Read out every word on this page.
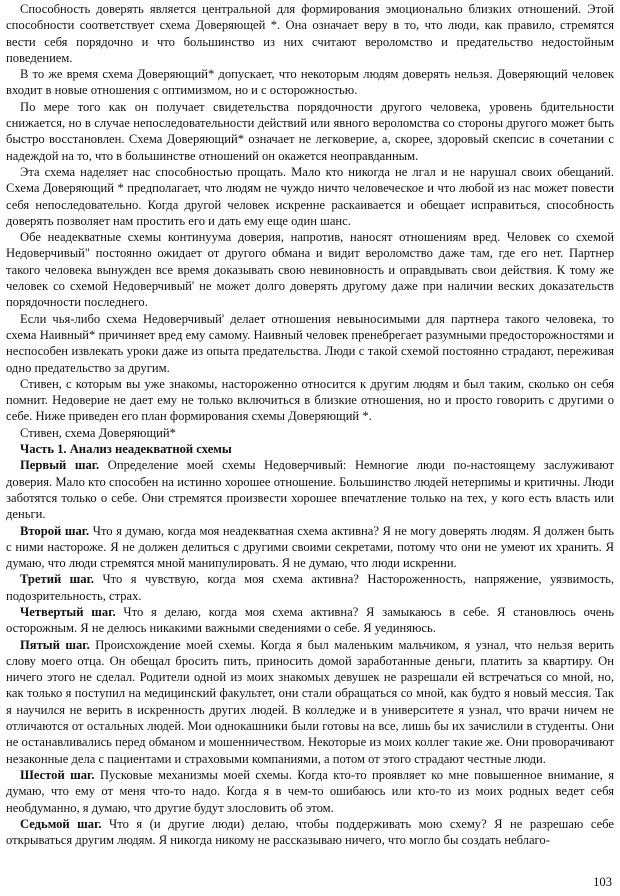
Способность доверять является центральной для формирования эмоционально близких отношений. Этой способности соответствует схема Доверяющей *. Она означает веру в то, что люди, как правило, стремятся вести себя порядочно и что большинство из них считают вероломство и предательство недостойным поведением.

В то же время схема Доверяющий* допускает, что некоторым людям доверять нельзя. Доверяющий человек входит в новые отношения с оптимизмом, но и с осторожностью.

По мере того как он получает свидетельства порядочности другого человека, уровень бдительности снижается, но в случае непоследовательности действий или явного вероломства со стороны другого может быть быстро восстановлен. Схема Доверяющий* означает не легковерие, а, скорее, здоровый скепсис в сочетании с надеждой на то, что в большинстве отношений он окажется неоправданным.

Эта схема наделяет нас способностью прощать. Мало кто никогда не лгал и не нарушал своих обещаний. Схема Доверяющий * предполагает, что людям не чуждо ничто человеческое и что любой из нас может повести себя непоследовательно. Когда другой человек искренне раскаивается и обещает исправиться, способность доверять позволяет нам простить его и дать ему еще один шанс.

Обе неадекватные схемы континуума доверия, напротив, наносят отношениям вред. Человек со схемой Недоверчивый" постоянно ожидает от другого обмана и видит вероломство даже там, где его нет. Партнер такого человека вынужден все время доказывать свою невиновность и оправдывать свои действия. К тому же человек со схемой Недоверчивый' не может долго доверять другому даже при наличии веских доказательств порядочности последнего.

Если чья-либо схема Недоверчивый' делает отношения невыносимыми для партнера такого человека, то схема Наивный* причиняет вред ему самому. Наивный человек пренебрегает разумными предосторожностями и неспособен извлекать уроки даже из опыта предательства. Люди с такой схемой постоянно страдают, переживая одно предательство за другим.

Стивен, с которым вы уже знакомы, настороженно относится к другим людям и был таким, сколько он себя помнит. Недоверие не дает ему не только включиться в близкие отношения, но и просто говорить с другими о себе. Ниже приведен его план формирования схемы Доверяющий *.

Стивен, схема Доверяющий*

Часть 1. Анализ неадекватной схемы

Первый шаг. Определение моей схемы Недоверчивый: Немногие люди по-настоящему заслуживают доверия. Мало кто способен на истинно хорошее отношение. Большинство людей нетерпимы и критичны. Люди заботятся только о себе. Они стремятся произвести хорошее впечатление только на тех, у кого есть власть или деньги.

Второй шаг. Что я думаю, когда моя неадекватная схема активна? Я не могу доверять людям. Я должен быть с ними настороже. Я не должен делиться с другими своими секретами, потому что они не умеют их хранить. Я думаю, что люди стремятся мной манипулировать. Я не думаю, что люди искренни.

Третий шаг. Что я чувствую, когда моя схема активна? Настороженность, напряжение, уязвимость, подозрительность, страх.

Четвертый шаг. Что я делаю, когда моя схема активна? Я замыкаюсь в себе. Я становлюсь очень осторожным. Я не делюсь никакими важными сведениями о себе. Я уединяюсь.

Пятый шаг. Происхождение моей схемы. Когда я был маленьким мальчиком, я узнал, что нельзя верить слову моего отца. Он обещал бросить пить, приносить домой заработанные деньги, платить за квартиру. Он ничего этого не сделал. Родители одной из моих знакомых девушек не разрешали ей встречаться со мной, но, как только я поступил на медицинский факультет, они стали обращаться со мной, как будто я новый мессия. Так я научился не верить в искренность других людей. В колледже и в университете я узнал, что врачи ничем не отличаются от остальных людей. Мои однокашники были готовы на все, лишь бы их зачислили в студенты. Они не останавливались перед обманом и мошенничеством. Некоторые из моих коллег такие же. Они проворачивают незаконные дела с пациентами и страховыми компаниями, а потом от этого страдают честные люди.

Шестой шаг. Пусковые механизмы моей схемы. Когда кто-то проявляет ко мне повышенное внимание, я думаю, что ему от меня что-то надо. Когда я в чем-то ошибаюсь или кто-то из моих родных ведет себя необдуманно, я думаю, что другие будут злословить об этом.

Седьмой шаг. Что я (и другие люди) делаю, чтобы поддерживать мою схему? Я не разрешаю себе открываться другим людям. Я никогда никому не рассказываю ничего, что могло бы создать неблаго-

103
